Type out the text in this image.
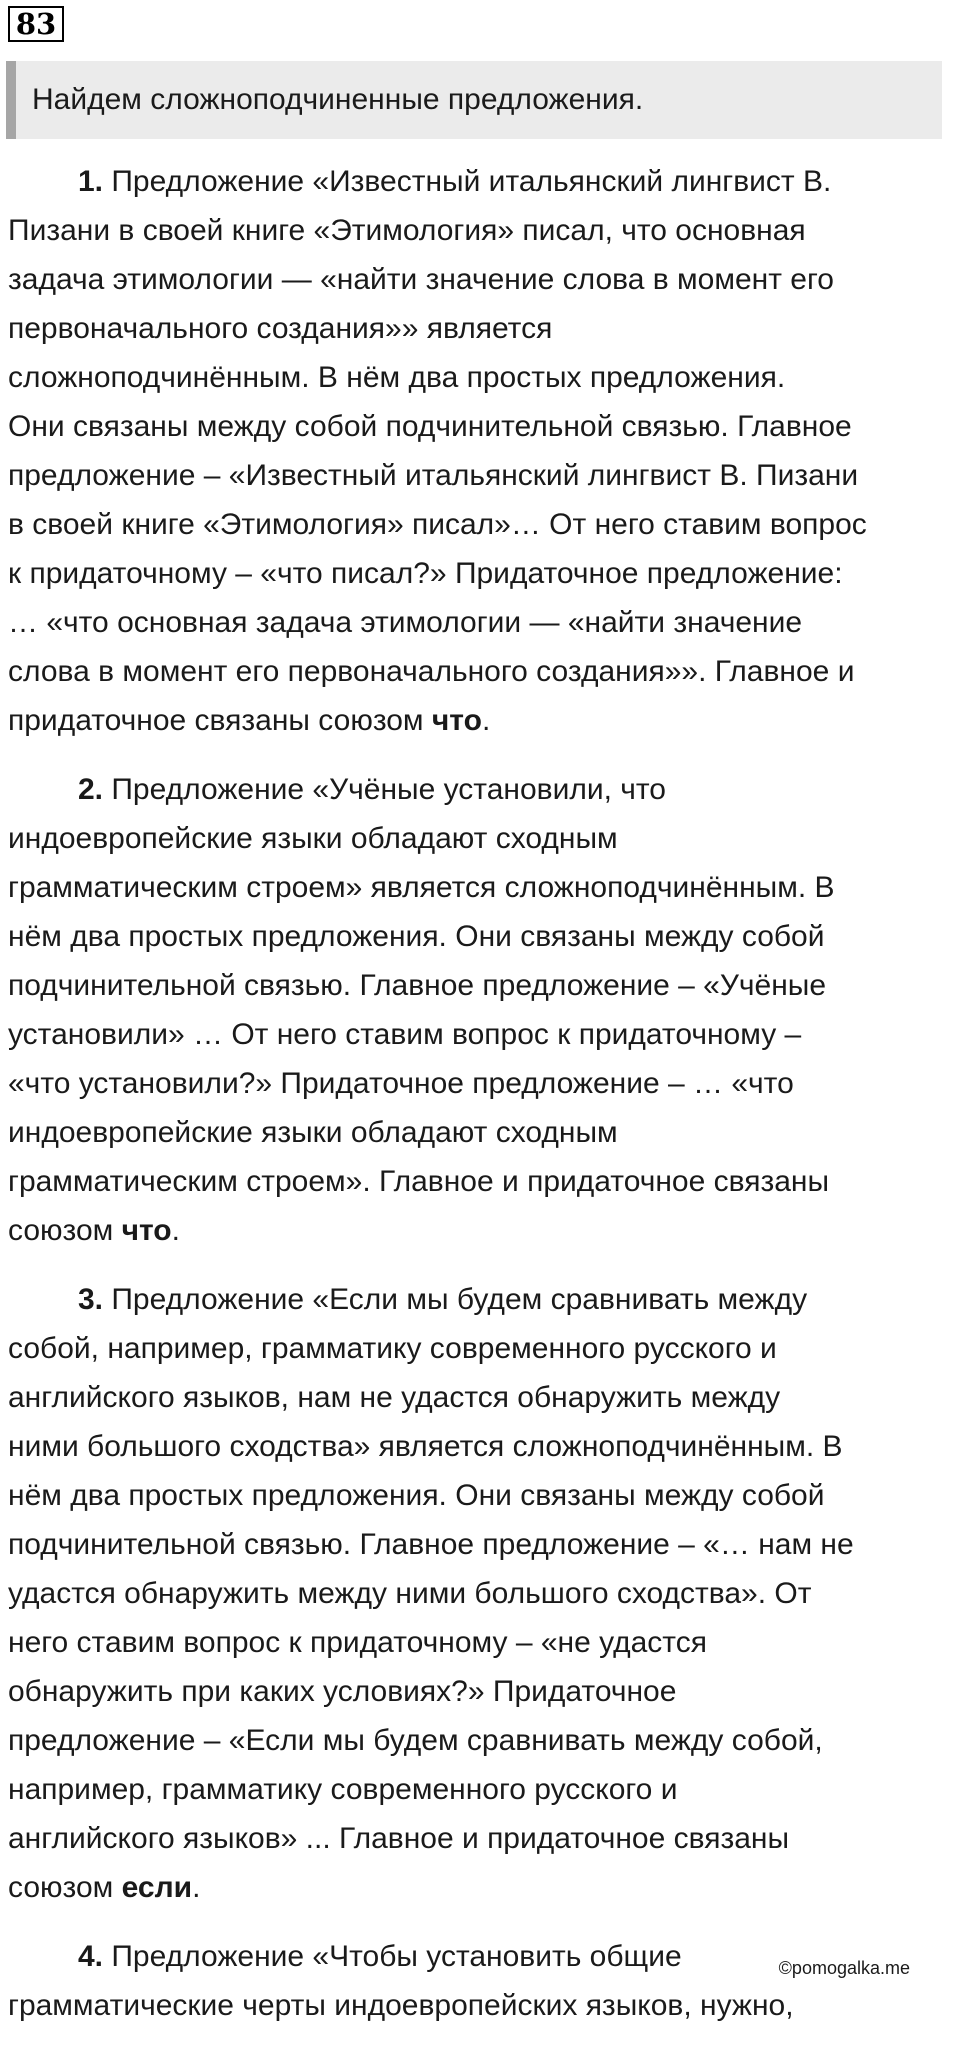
83
Найдем сложноподчиненные предложения.
1. Предложение «Известный итальянский лингвист В.
Пизани в своей книге «Этимология» писал, что основная
задача этимологии — «найти значение слова в момент его
первоначального создания»» является
сложноподчинённым. В нём два простых предложения.
Они связаны между собой подчинительной связью. Главное
предложение – «Известный итальянский лингвист В. Пизани
в своей книге «Этимология» писал»… От него ставим вопрос
к придаточному – «что писал?» Придаточное предложение:
… «что основная задача этимологии — «найти значение
слова в момент его первоначального создания»». Главное и
придаточное связаны союзом что.
2. Предложение «Учёные установили, что
индоевропейские языки обладают сходным
грамматическим строем» является сложноподчинённым. В
нём два простых предложения. Они связаны между собой
подчинительной связью. Главное предложение – «Учёные
установили» … От него ставим вопрос к придаточному –
«что установили?» Придаточное предложение – … «что
индоевропейские языки обладают сходным
грамматическим строем». Главное и придаточное связаны
союзом что.
3. Предложение «Если мы будем сравнивать между
собой, например, грамматику современного русского и
английского языков, нам не удастся обнаружить между
ними большого сходства» является сложноподчинённым. В
нём два простых предложения. Они связаны между собой
подчинительной связью. Главное предложение – «… нам не
удастся обнаружить между ними большого сходства». От
него ставим вопрос к придаточному – «не удастся
обнаружить при каких условиях?» Придаточное
предложение – «Если мы будем сравнивать между собой,
например, грамматику современного русского и
английского языков» ... Главное и придаточное связаны
союзом если.
4. Предложение «Чтобы установить общие
грамматические черты индоевропейских языков, нужно,
©pomogalka.me
